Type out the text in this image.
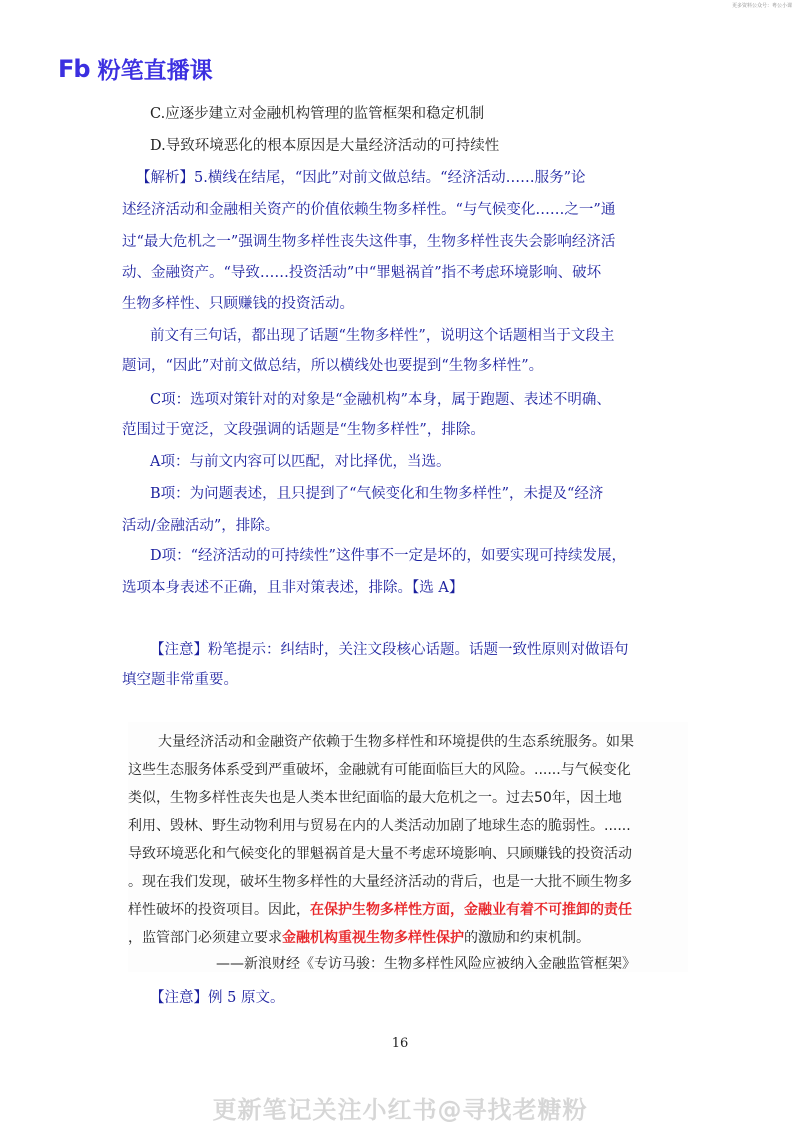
更多资料公众号：粤公小课
Fb 粉笔直播课
C.应逐步建立对金融机构管理的监管框架和稳定机制
D.导致环境恶化的根本原因是大量经济活动的可持续性
【解析】5.横线在结尾，“因此”对前文做总结。“经济活动……服务”论
述经济活动和金融相关资产的价值依赖生物多样性。“与气候变化……之一”通
过“最大危机之一”强调生物多样性丧失这件事，生物多样性丧失会影响经济活
动、金融资产。“导致……投资活动”中“罪魁祸首”指不考虑环境影响、破坏
生物多样性、只顾赚钱的投资活动。
前文有三句话，都出现了话题“生物多样性”，说明这个话题相当于文段主
题词，“因此”对前文做总结，所以横线处也要提到“生物多样性”。
C项：选项对策针对的对象是“金融机构”本身，属于跑题、表述不明确、
范围过于宽泛，文段强调的话题是“生物多样性”，排除。
A项：与前文内容可以匹配，对比择优，当选。
B项：为问题表述，且只提到了“气候变化和生物多样性”，未提及“经济
活动/金融活动”，排除。
D项：“经济活动的可持续性”这件事不一定是坏的，如要实现可持续发展，
选项本身表述不正确，且非对策表述，排除。【选 A】
【注意】粉笔提示：纠结时，关注文段核心话题。话题一致性原则对做语句
填空题非常重要。
大量经济活动和金融资产依赖于生物多样性和环境提供的生态系统服务。如果
这些生态服务体系受到严重破坏，金融就有可能面临巨大的风险。......与气候变化
类似，生物多样性丧失也是人类本世纪面临的最大危机之一。过去50年，因土地
利用、毁林、野生动物利用与贸易在内的人类活动加剧了地球生态的脆弱性。......
导致环境恶化和气候变化的罪魁祸首是大量不考虑环境影响、只顾赚钱的投资活动
。现在我们发现，破坏生物多样性的大量经济活动的背后，也是一大批不顾生物多
样性破坏的投资项目。因此，在保护生物多样性方面，金融业有着不可推卸的责任
，监管部门必须建立要求金融机构重视生物多样性保护的激励和约束机制。
——新浪财经《专访马骏：生物多样性风险应被纳入金融监管框架》
【注意】例 5 原文。
16
更新笔记关注小红书@寻找老糖粉
